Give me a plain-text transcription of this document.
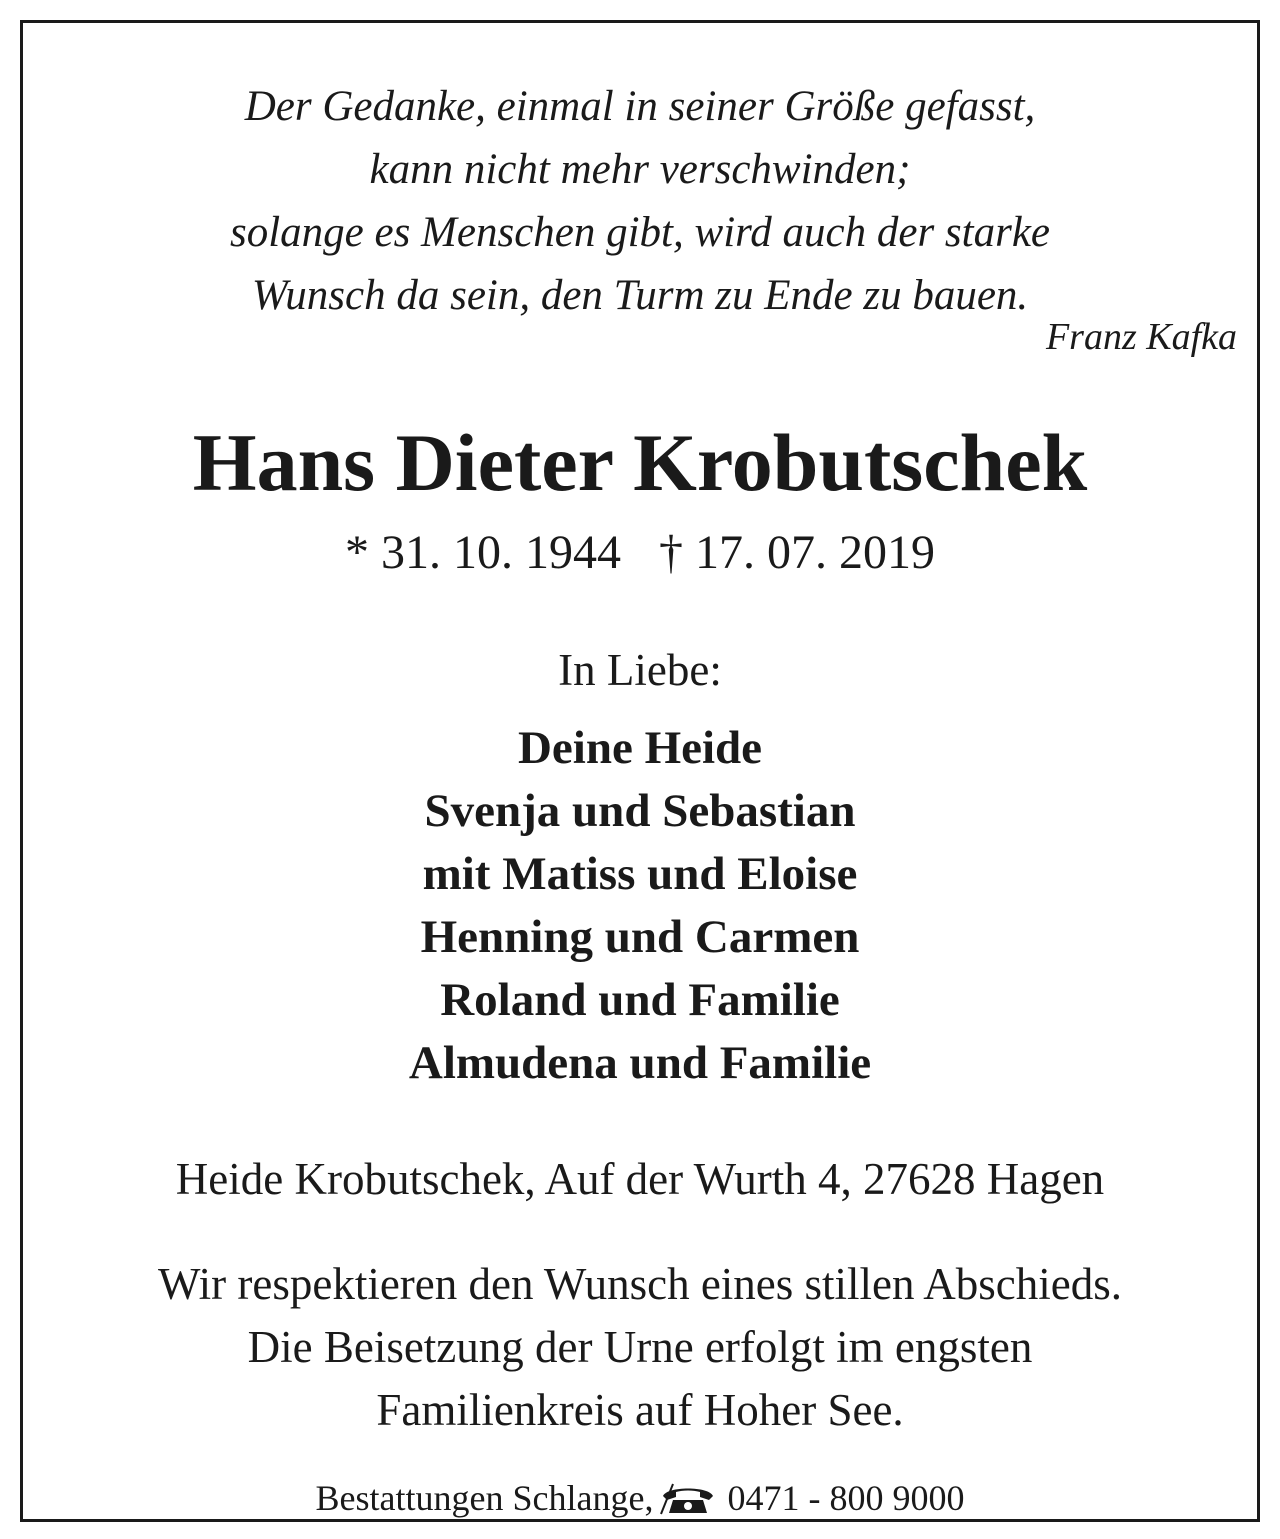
Der Gedanke, einmal in seiner Größe gefasst,
kann nicht mehr verschwinden;
solange es Menschen gibt, wird auch der starke
Wunsch da sein, den Turm zu Ende zu bauen.
Franz Kafka
Hans Dieter Krobutschek
* 31. 10. 1944 † 17. 07. 2019
In Liebe:
Deine Heide
Svenja und Sebastian
mit Matiss und Eloise
Henning und Carmen
Roland und Familie
Almudena und Familie
Heide Krobutschek, Auf der Wurth 4, 27628 Hagen
Wir respektieren den Wunsch eines stillen Abschieds.
Die Beisetzung der Urne erfolgt im engsten
Familienkreis auf Hoher See.
Bestattungen Schlange, 0471 - 800 9000
